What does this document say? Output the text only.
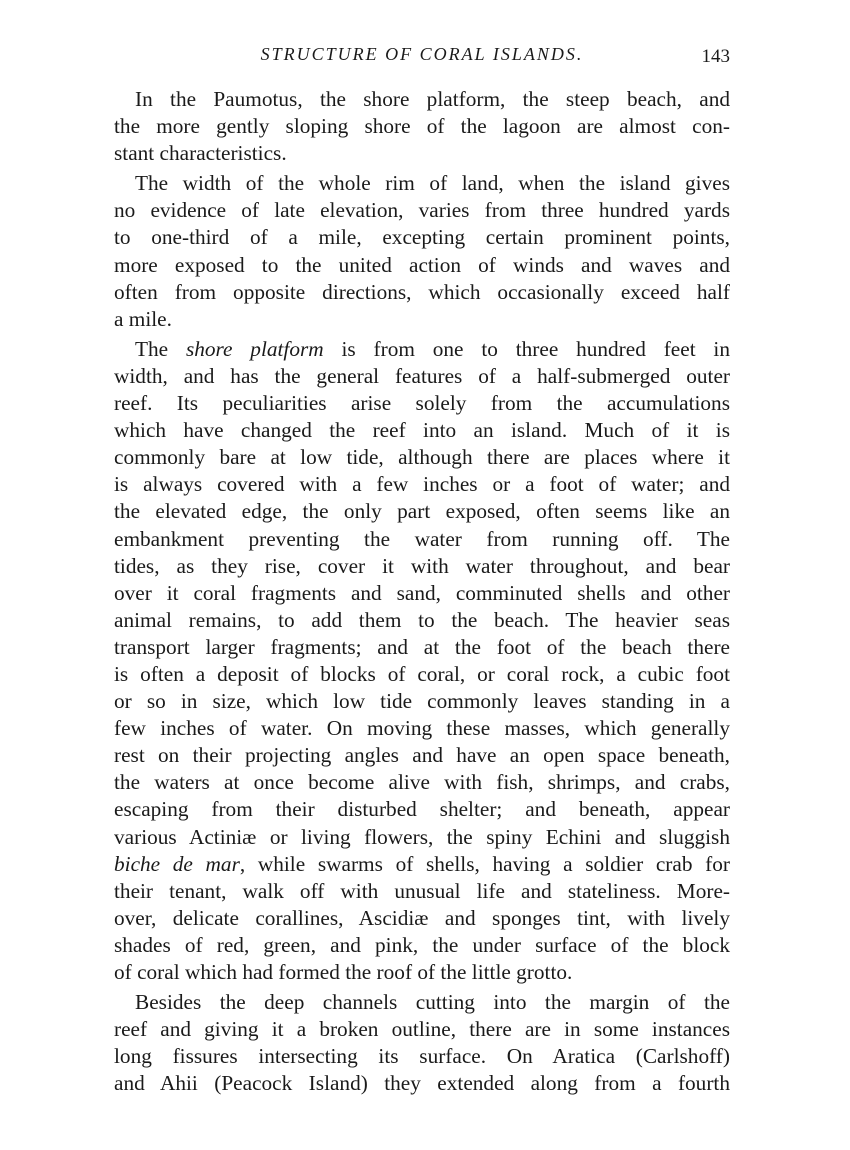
STRUCTURE OF CORAL ISLANDS.	143
In the Paumotus, the shore platform, the steep beach, and
the more gently sloping shore of the lagoon are almost con-
stant characteristics.
The width of the whole rim of land, when the island gives
no evidence of late elevation, varies from three hundred yards
to one-third of a mile, excepting certain prominent points,
more exposed to the united action of winds and waves and
often from opposite directions, which occasionally exceed half
a mile.
The shore platform is from one to three hundred feet in
width, and has the general features of a half-submerged outer
reef. Its peculiarities arise solely from the accumulations
which have changed the reef into an island. Much of it is
commonly bare at low tide, although there are places where it
is always covered with a few inches or a foot of water; and
the elevated edge, the only part exposed, often seems like an
embankment preventing the water from running off. The
tides, as they rise, cover it with water throughout, and bear
over it coral fragments and sand, comminuted shells and other
animal remains, to add them to the beach. The heavier seas
transport larger fragments; and at the foot of the beach there
is often a deposit of blocks of coral, or coral rock, a cubic foot
or so in size, which low tide commonly leaves standing in a
few inches of water. On moving these masses, which generally
rest on their projecting angles and have an open space beneath,
the waters at once become alive with fish, shrimps, and crabs,
escaping from their disturbed shelter; and beneath, appear
various Actiniæ or living flowers, the spiny Echini and sluggish
biche de mar, while swarms of shells, having a soldier crab for
their tenant, walk off with unusual life and stateliness. More-
over, delicate corallines, Ascidiæ and sponges tint, with lively
shades of red, green, and pink, the under surface of the block
of coral which had formed the roof of the little grotto.
Besides the deep channels cutting into the margin of the
reef and giving it a broken outline, there are in some instances
long fissures intersecting its surface. On Aratica (Carlshoff)
and Ahii (Peacock Island) they extended along from a fourth
